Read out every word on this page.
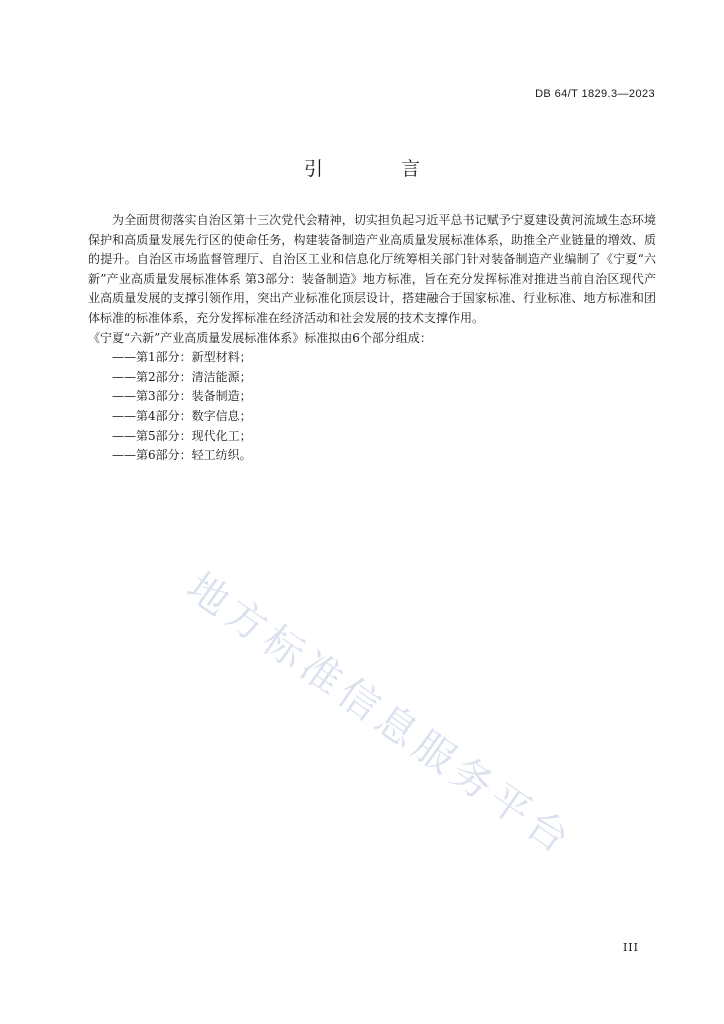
DB 64/T 1829.3—2023
引 言

为全面贯彻落实自治区第十三次党代会精神，切实担负起习近平总书记赋予宁夏建设黄河流域生态环境保护和高质量发展先行区的使命任务，构建装备制造产业高质量发展标准体系，助推全产业链量的增效、质的提升。自治区市场监督管理厅、自治区工业和信息化厅统筹相关部门针对装备制造产业编制了《宁夏“六新”产业高质量发展标准体系 第3部分：装备制造》地方标准，旨在充分发挥标准对推进当前自治区现代产业高质量发展的支撑引领作用，突出产业标准化顶层设计，搭建融合于国家标准、行业标准、地方标准和团体标准的标准体系，充分发挥标准在经济活动和社会发展的技术支撑作用。

《宁夏“六新”产业高质量发展标准体系》标准拟由6个部分组成：

——第1部分：新型材料；
——第2部分：清洁能源；
——第3部分：装备制造；
——第4部分：数字信息；
——第5部分：现代化工；
——第6部分：轻工纺织。
地方标准信息服务平台
III
